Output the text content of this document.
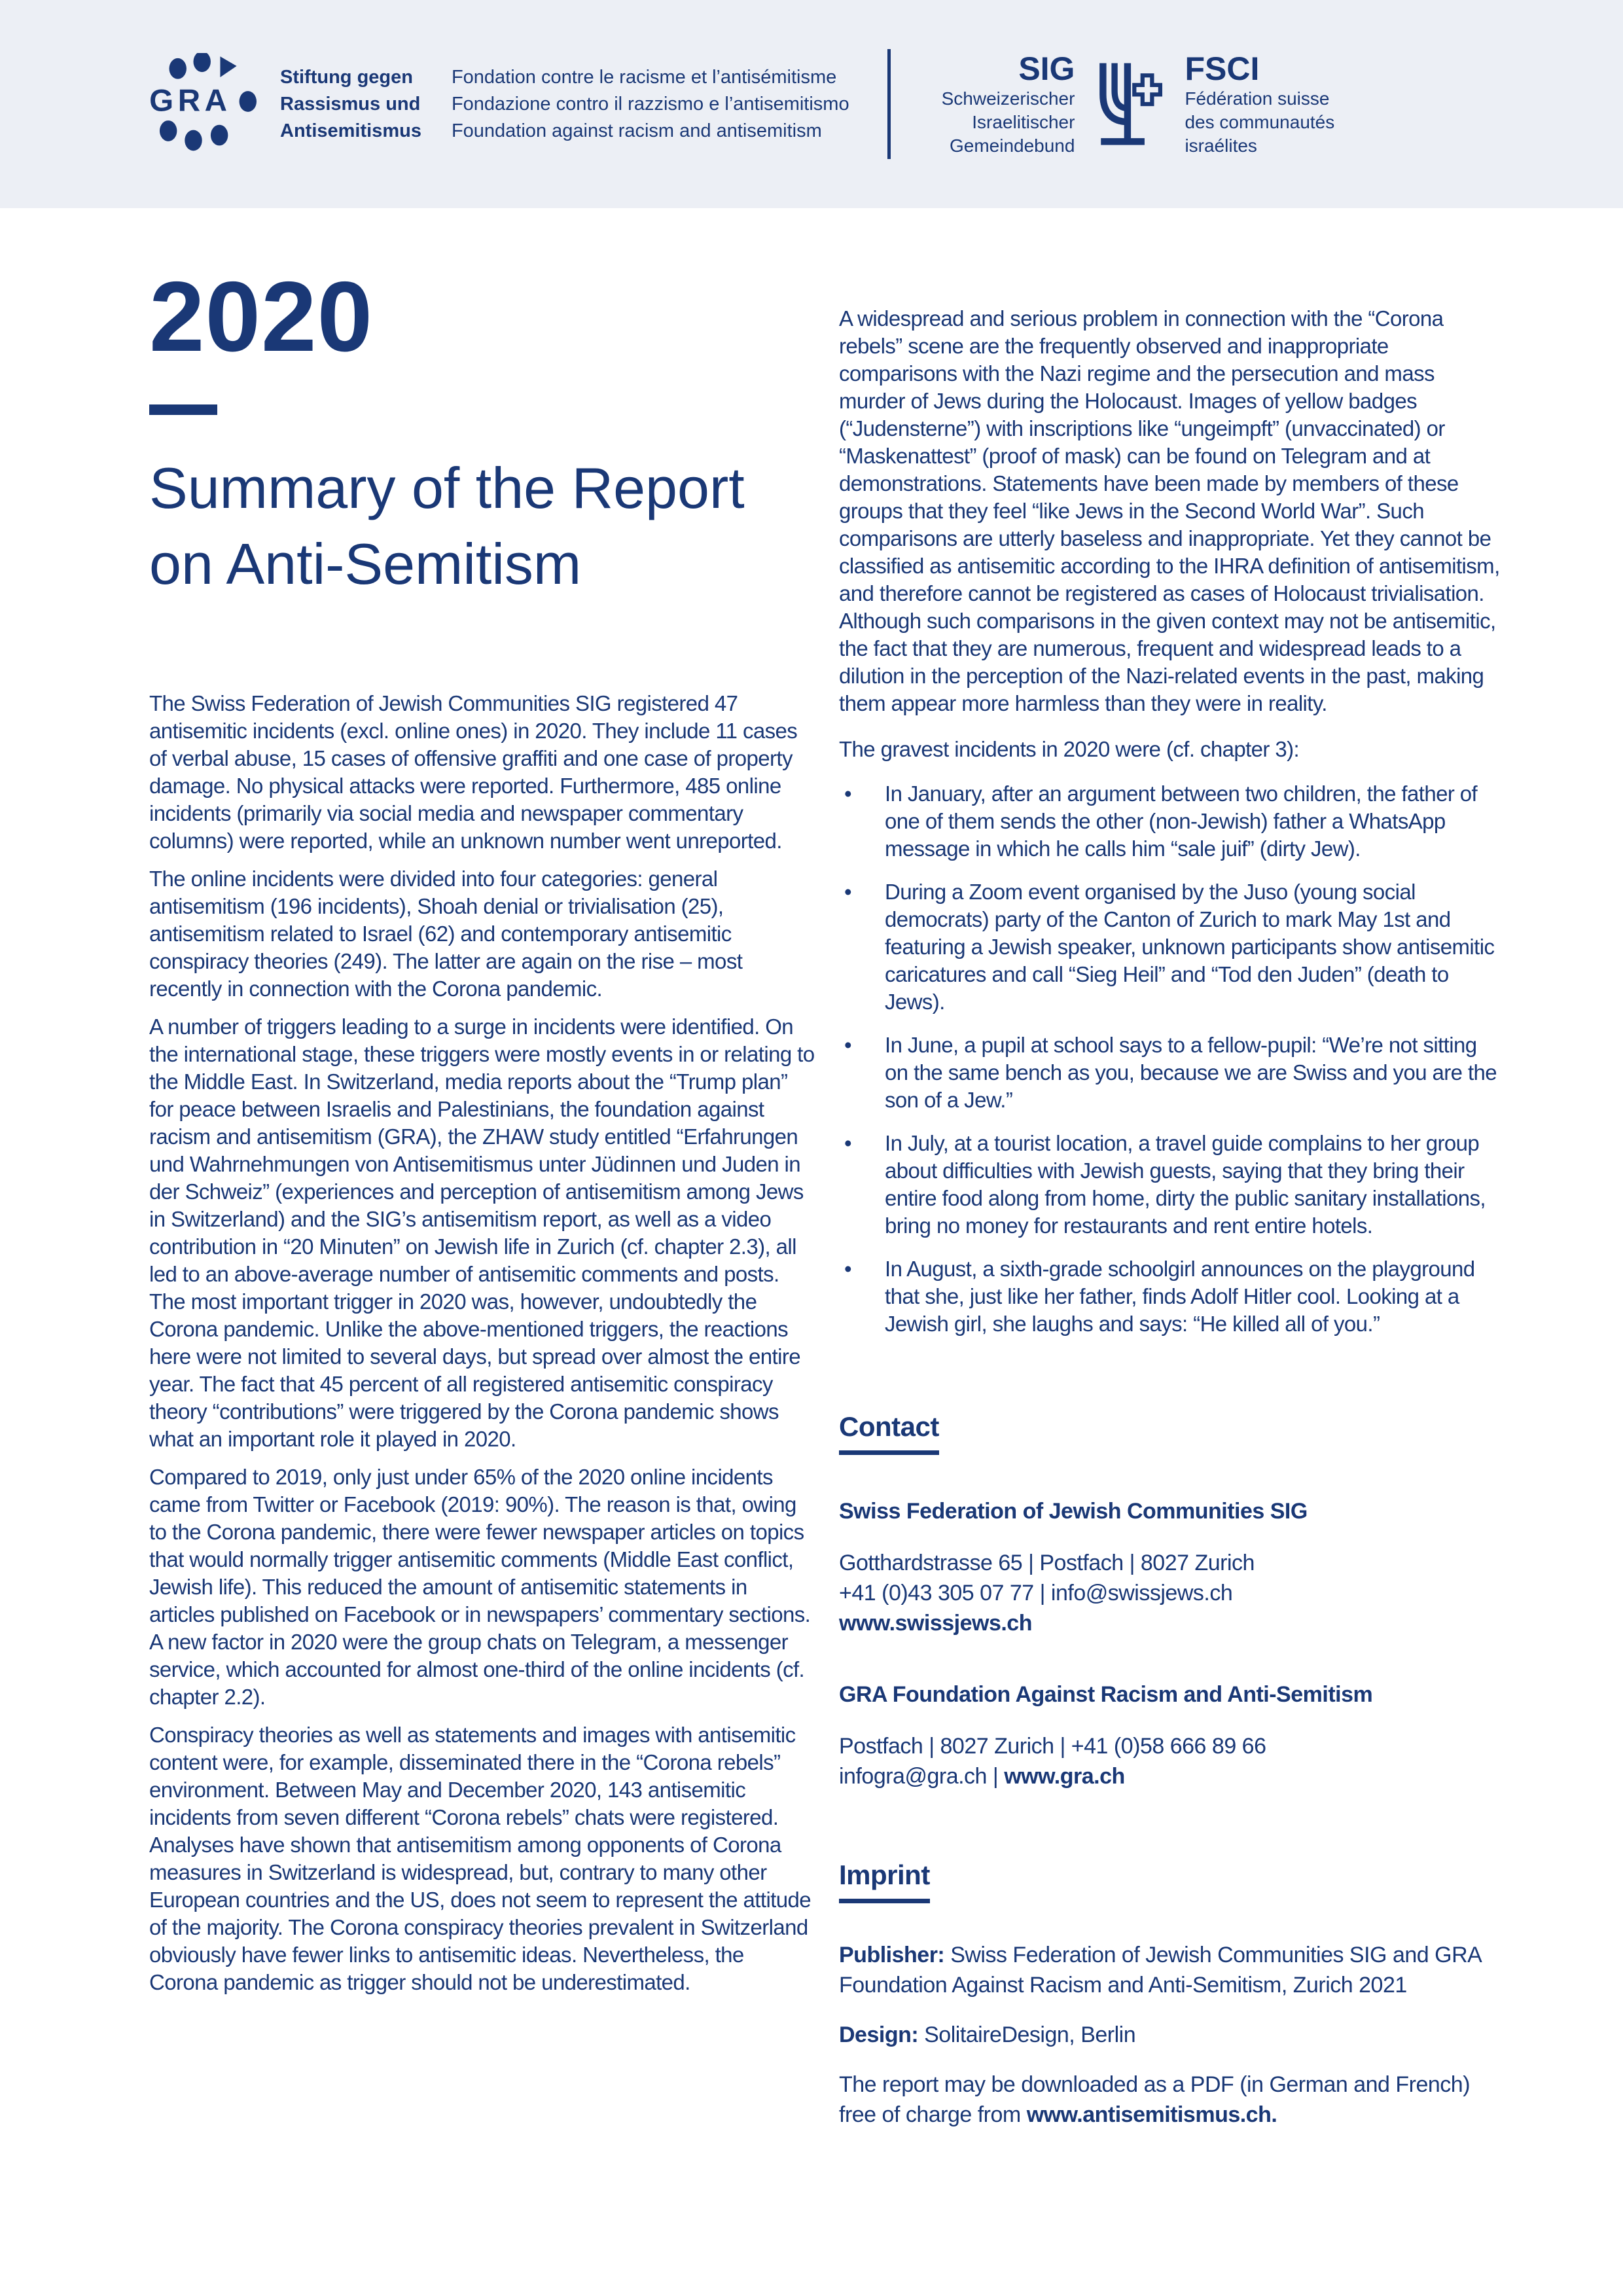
GRA
Stiftung gegen
Rassismus und
Antisemitismus
Fondation contre le racisme et l’antisémitisme
Fondazione contro il razzismo e l’antisemitismo
Foundation against racism and antisemitism
SIG
Schweizerischer
Israelitischer
Gemeindebund
FSCI
Fédération suisse
des communautés
israélites
2020
Summary of the Report
on Anti-Semitism

The Swiss Federation of Jewish Communities SIG registered 47 antisemitic incidents (excl. online ones) in 2020. They include 11 cases of verbal abuse, 15 cases of offensive graffiti and one case of property damage. No physical attacks were reported. Furthermore, 485 online incidents (primarily via social media and newspaper commentary columns) were reported, while an unknown number went unreported.

The online incidents were divided into four categories: general antisemitism (196 incidents), Shoah denial or trivialisation (25), antisemitism related to Israel (62) and contemporary antisemitic conspiracy theories (249). The latter are again on the rise – most recently in connection with the Corona pandemic.

A number of triggers leading to a surge in incidents were identified. On the international stage, these triggers were mostly events in or relating to the Middle East. In Switzerland, media reports about the “Trump plan” for peace between Israelis and Palestinians, the foundation against racism and antisemitism (GRA), the ZHAW study entitled “Erfahrungen und Wahrnehmungen von Antisemitismus unter Jüdinnen und Juden in der Schweiz” (experiences and perception of antisemitism among Jews in Switzerland) and the SIG’s antisemitism report, as well as a video contribution in “20 Minuten” on Jewish life in Zurich (cf. chapter 2.3), all led to an above-average number of antisemitic comments and posts. The most important trigger in 2020 was, however, undoubtedly the Corona pandemic. Unlike the above-mentioned triggers, the reactions here were not limited to several days, but spread over almost the entire year. The fact that 45 percent of all registered antisemitic conspiracy theory “contributions” were triggered by the Corona pandemic shows what an important role it played in 2020.

Compared to 2019, only just under 65% of the 2020 online incidents came from Twitter or Facebook (2019: 90%). The reason is that, owing to the Corona pandemic, there were fewer newspaper articles on topics that would normally trigger antisemitic comments (Middle East conflict, Jewish life). This reduced the amount of antisemitic statements in articles published on Facebook or in newspapers’ commentary sections. A new factor in 2020 were the group chats on Telegram, a messenger service, which accounted for almost one-third of the online incidents (cf. chapter 2.2).

Conspiracy theories as well as statements and images with antisemitic content were, for example, disseminated there in the “Corona rebels” environment. Between May and December 2020, 143 antisemitic incidents from seven different “Corona rebels” chats were registered. Analyses have shown that antisemitism among opponents of Corona measures in Switzerland is widespread, but, contrary to many other European countries and the US, does not seem to represent the attitude of the majority. The Corona conspiracy theories prevalent in Switzerland obviously have fewer links to antisemitic ideas. Nevertheless, the Corona pandemic as trigger should not be underestimated.

A widespread and serious problem in connection with the “Corona rebels” scene are the frequently observed and inappropriate comparisons with the Nazi regime and the persecution and mass murder of Jews during the Holocaust. Images of yellow badges (“Judensterne”) with inscriptions like “ungeimpft” (unvaccinated) or “Maskenattest” (proof of mask) can be found on Telegram and at demonstrations. Statements have been made by members of these groups that they feel “like Jews in the Second World War”. Such comparisons are utterly baseless and inappropriate. Yet they cannot be classified as antisemitic according to the IHRA definition of antisemitism, and therefore cannot be registered as cases of Holocaust trivialisation. Although such comparisons in the given context may not be antisemitic, the fact that they are numerous, frequent and widespread leads to a dilution in the perception of the Nazi-related events in the past, making them appear more harmless than they were in reality.

The gravest incidents in 2020 were (cf. chapter 3):

•	In January, after an argument between two children, the father of one of them sends the other (non-Jewish) father a WhatsApp message in which he calls him “sale juif” (dirty Jew).
•	During a Zoom event organised by the Juso (young social democrats) party of the Canton of Zurich to mark May 1st and featuring a Jewish speaker, unknown participants show antisemitic caricatures and call “Sieg Heil” and “Tod den Juden” (death to Jews).
•	In June, a pupil at school says to a fellow-pupil: “We’re not sitting on the same bench as you, because we are Swiss and you are the son of a Jew.”
•	In July, at a tourist location, a travel guide complains to her group about difficulties with Jewish guests, saying that they bring their entire food along from home, dirty the public sanitary installations, bring no money for restaurants and rent entire hotels.
•	In August, a sixth-grade schoolgirl announces on the playground that she, just like her father, finds Adolf Hitler cool. Looking at a Jewish girl, she laughs and says: “He killed all of you.”
Contact

Swiss Federation of Jewish Communities SIG

Gotthardstrasse 65 | Postfach | 8027 Zurich
+41 (0)43 305 07 77 | info@swissjews.ch
www.swissjews.ch

GRA Foundation Against Racism and Anti-Semitism

Postfach | 8027 Zurich | +41 (0)58 666 89 66
infogra@gra.ch | www.gra.ch
Imprint

Publisher: Swiss Federation of Jewish Communities SIG and GRA Foundation Against Racism and Anti-Semitism, Zurich 2021

Design: SolitaireDesign, Berlin

The report may be downloaded as a PDF (in German and French) free of charge from www.antisemitismus.ch.
